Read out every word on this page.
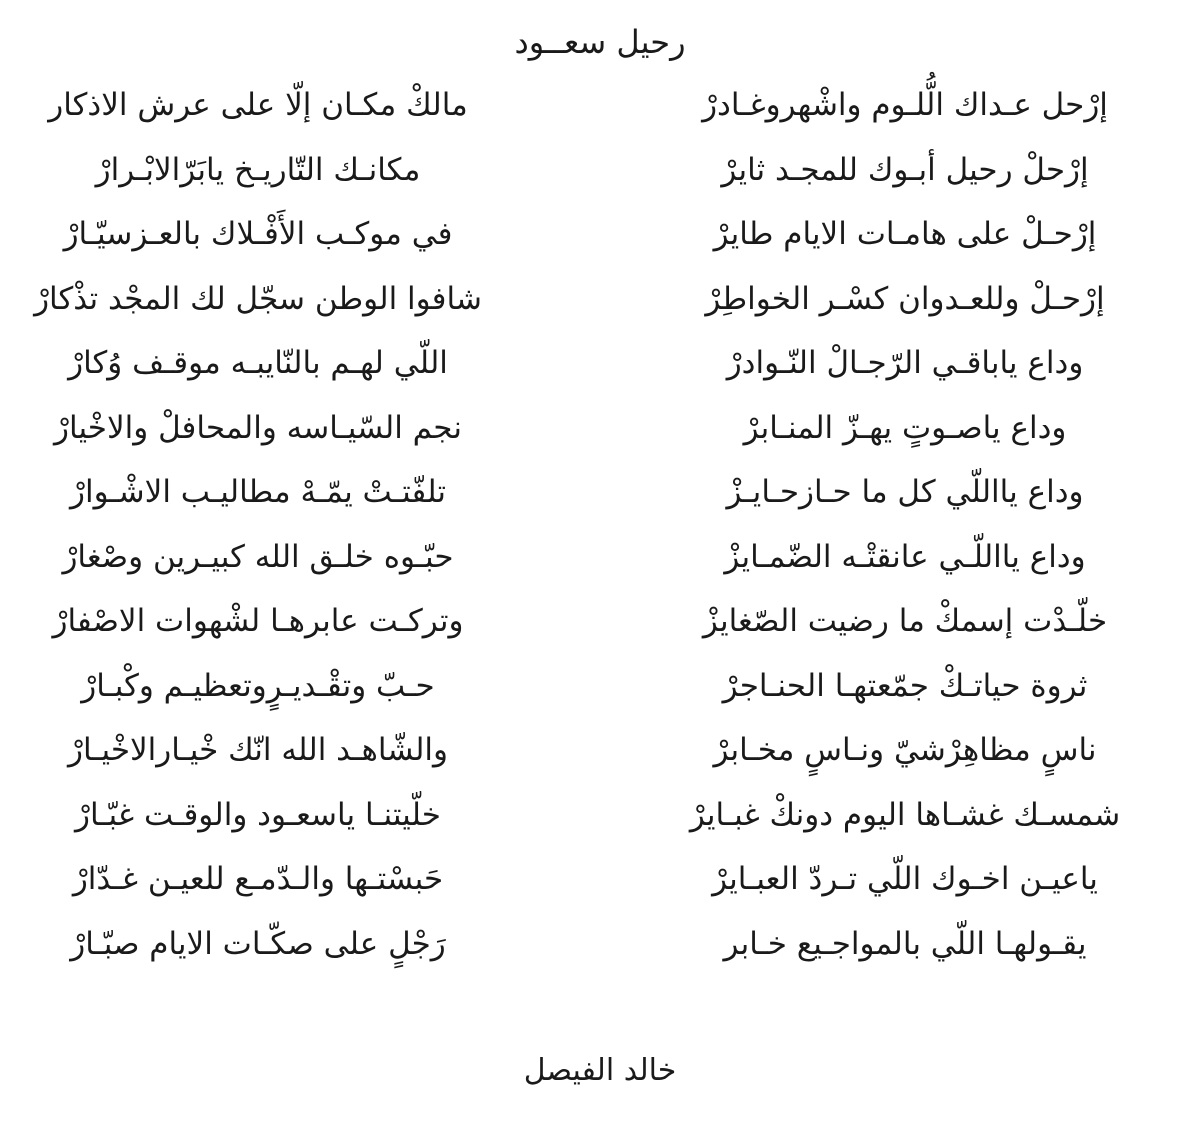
رحيل سعــود
إرْحل عـداك الُّلـوم واشْهروغـادرْ
مالكْ مكـان إلّا على عرش الاذكار
إرْحلْ رحيل أبـوك للمجـد ثايرْ
مكانـك التّاريـخ يابَرّالابْـرارْ
إرْحـلْ على هامـات الايام طايرْ
في موكـب الأَفْـلاك بالعـزسيّـارْ
إرْحـلْ وللعـدوان كسْـر الخواطِرْ
شافوا الوطن سجّل لك المجْد تذْكارْ
وداع ياباقـي الرّجـالْ النّـوادرْ
اللّي لهـم بالنّايبـه موقـف وُكارْ
وداع ياصـوتٍ يهـزّ المنـابرْ
نجم السّيـاسه والمحافلْ والاخْيارْ
وداع يااللّي كل ما حـازحـايـزْ
تلفّتـتْ يمّـهْ مطاليـب الاشْـوارْ
وداع يااللّـي عانقتْـه الضّمـايزْ
حبّـوه خلـق الله كبيـرين وصْغارْ
خلّـدْت إسمكْ ما رضيت الصّغايزْ
وتركـت عابرهـا لشْهوات الاصْفارْ
ثروة حياتـكْ جمّعتهـا الحنـاجرْ
حـبّ وتقْـديـرٍوتعظيـم وكْبـارْ
ناسٍ مظاهِرْشيّ ونـاسٍ مخـابرْ
والشّاهـد الله انّك خْيـارالاخْيـارْ
شمسـك غشـاها اليوم دونكْ غبـايرْ
خلّيتنـا ياسعـود والوقـت غبّـارْ
ياعيـن اخـوك اللّي تـردّ العبـايرْ
حَبسْتـها والـدّمـع للعيـن غـدّارْ
يقـولهـا اللّي بالمواجـيع خـابر
رَجْلٍ على صكّـات الايام صبّـارْ
خالد الفيصل
